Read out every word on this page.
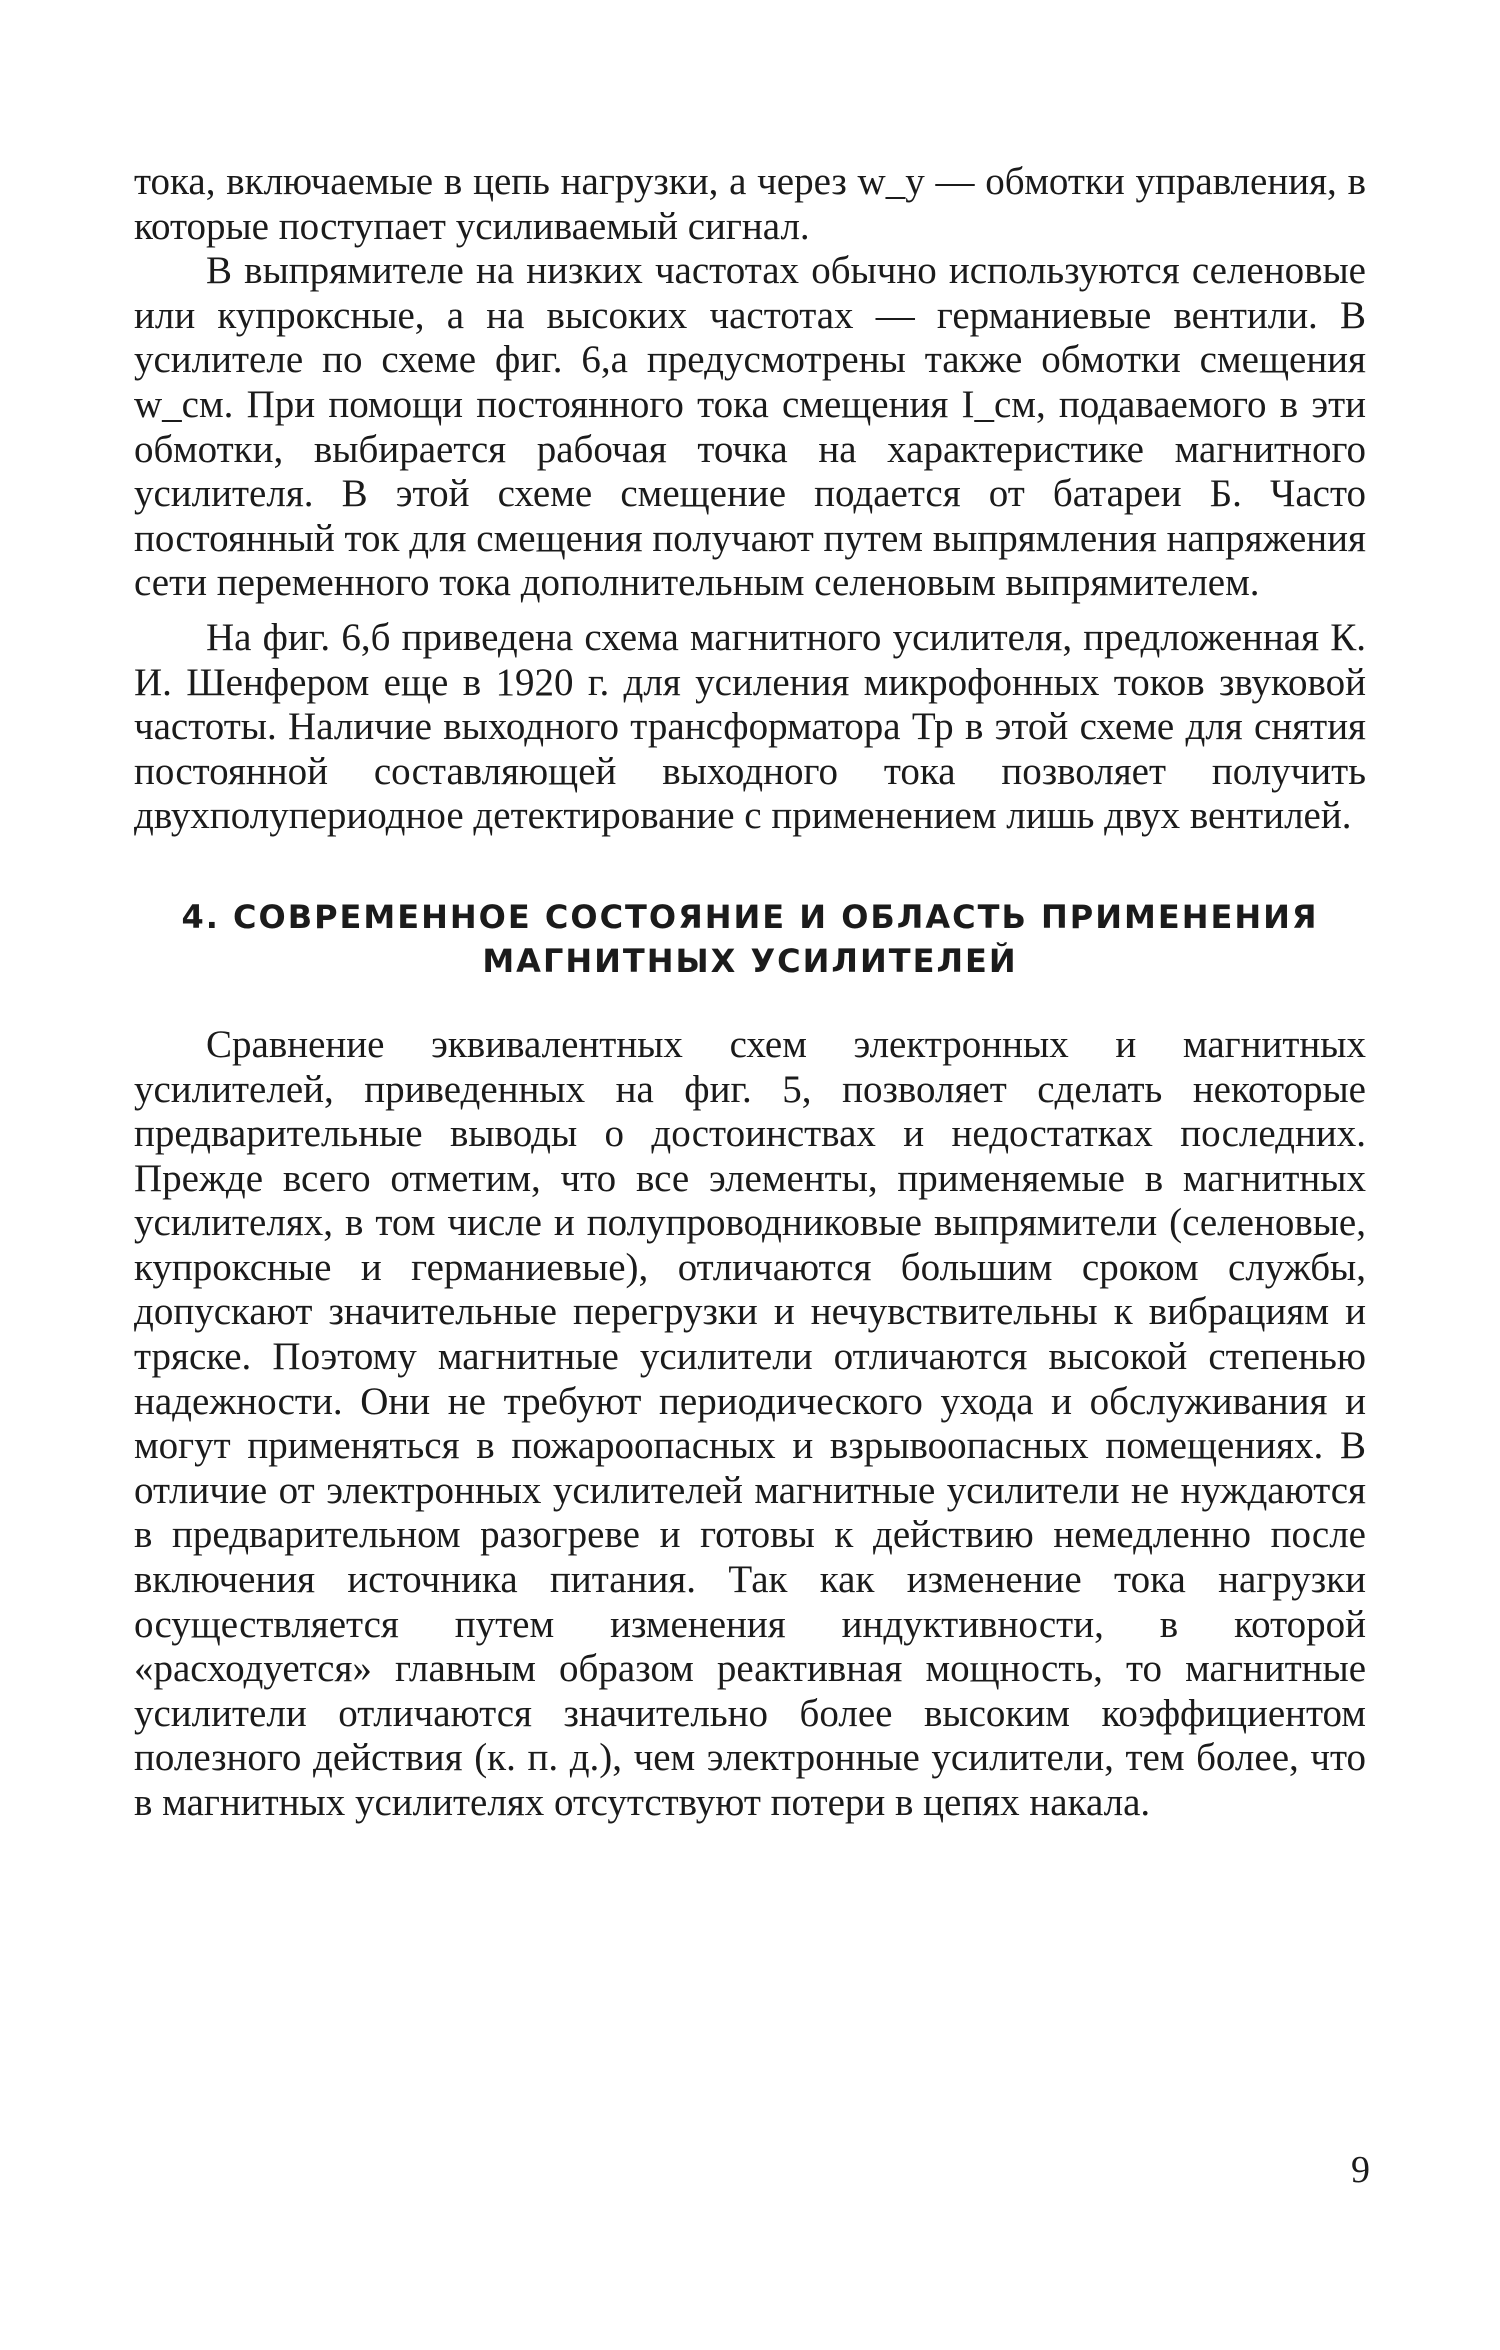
тока, включаемые в цепь нагрузки, а через w_у — обмотки управления, в которые поступает усиливаемый сигнал.

В выпрямителе на низких частотах обычно используются селеновые или купроксные, а на высоких частотах — германиевые вентили. В усилителе по схеме фиг. 6,а предусмотрены также обмотки смещения w_см. При помощи постоянного тока смещения I_см, подаваемого в эти обмотки, выбирается рабочая точка на характеристике магнитного усилителя. В этой схеме смещение подается от батареи Б. Часто постоянный ток для смещения получают путем выпрямления напряжения сети переменного тока дополнительным селеновым выпрямителем.

На фиг. 6,б приведена схема магнитного усилителя, предложенная К. И. Шенфером еще в 1920 г. для усиления микрофонных токов звуковой частоты. Наличие выходного трансформатора Тр в этой схеме для снятия постоянной составляющей выходного тока позволяет получить двухполупериодное детектирование с применением лишь двух вентилей.

4. СОВРЕМЕННОЕ СОСТОЯНИЕ И ОБЛАСТЬ ПРИМЕНЕНИЯ
МАГНИТНЫХ УСИЛИТЕЛЕЙ

Сравнение эквивалентных схем электронных и магнитных усилителей, приведенных на фиг. 5, позволяет сделать некоторые предварительные выводы о достоинствах и недостатках последних. Прежде всего отметим, что все элементы, применяемые в магнитных усилителях, в том числе и полупроводниковые выпрямители (селеновые, купроксные и германиевые), отличаются большим сроком службы, допускают значительные перегрузки и нечувствительны к вибрациям и тряске. Поэтому магнитные усилители отличаются высокой степенью надежности. Они не требуют периодического ухода и обслуживания и могут применяться в пожароопасных и взрывоопасных помещениях. В отличие от электронных усилителей магнитные усилители не нуждаются в предварительном разогреве и готовы к действию немедленно после включения источника питания. Так как изменение тока нагрузки осуществляется путем изменения индуктивности, в которой «расходуется» главным образом реактивная мощность, то магнитные усилители отличаются значительно более высоким коэффициентом полезного действия (к. п. д.), чем электронные усилители, тем более, что в магнитных усилителях отсутствуют потери в цепях накала.

9
